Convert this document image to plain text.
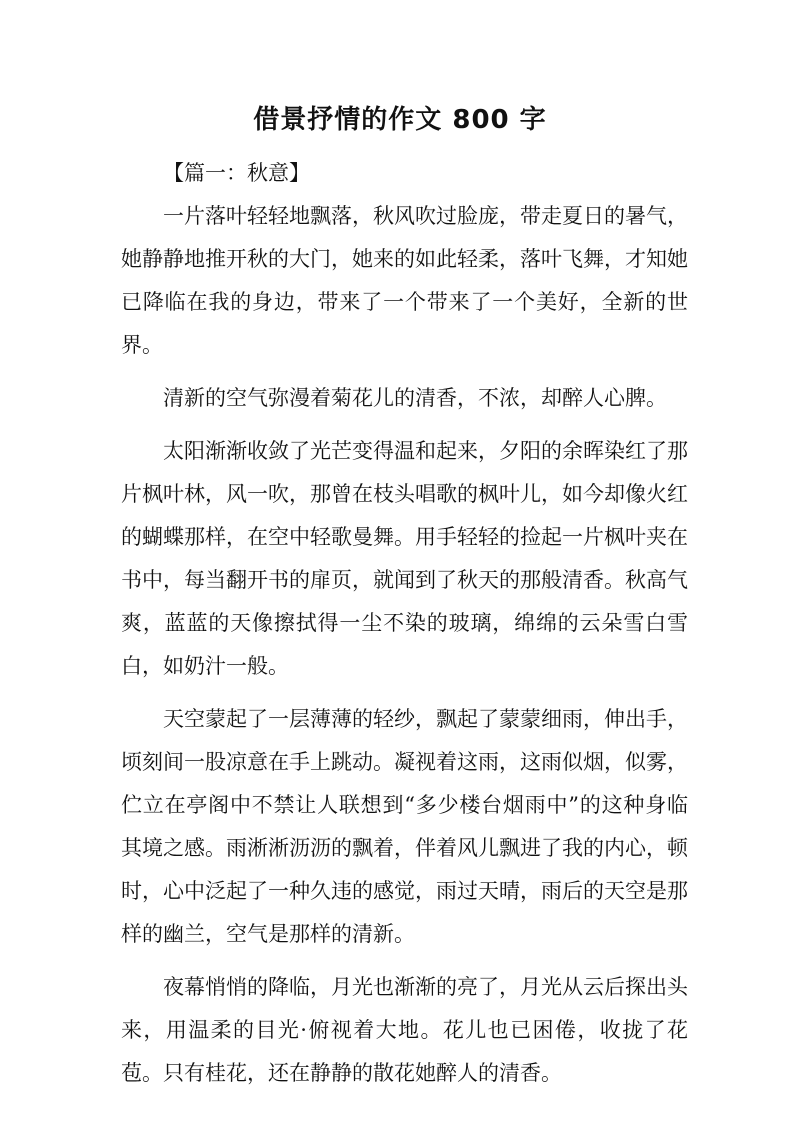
借景抒情的作文 800 字

【篇一：秋意】

一片落叶轻轻地飘落，秋风吹过脸庞，带走夏日的暑气，她静静地推开秋的大门，她来的如此轻柔，落叶飞舞，才知她已降临在我的身边，带来了一个带来了一个美好，全新的世界。

清新的空气弥漫着菊花儿的清香，不浓，却醉人心脾。

太阳渐渐收敛了光芒变得温和起来，夕阳的余晖染红了那片枫叶林，风一吹，那曾在枝头唱歌的枫叶儿，如今却像火红的蝴蝶那样，在空中轻歌曼舞。用手轻轻的捡起一片枫叶夹在书中，每当翻开书的扉页，就闻到了秋天的那般清香。秋高气爽，蓝蓝的天像擦拭得一尘不染的玻璃，绵绵的云朵雪白雪白，如奶汁一般。

天空蒙起了一层薄薄的轻纱，飘起了蒙蒙细雨，伸出手，顷刻间一股凉意在手上跳动。凝视着这雨，这雨似烟，似雾，伫立在亭阁中不禁让人联想到“多少楼台烟雨中”的这种身临其境之感。雨淅淅沥沥的飘着，伴着风儿飘进了我的内心，顿时，心中泛起了一种久违的感觉，雨过天晴，雨后的天空是那样的幽兰，空气是那样的清新。

夜幕悄悄的降临，月光也渐渐的亮了，月光从云后探出头来，用温柔的目光·俯视着大地。花儿也已困倦，收拢了花苞。只有桂花，还在静静的散花她醉人的清香。
